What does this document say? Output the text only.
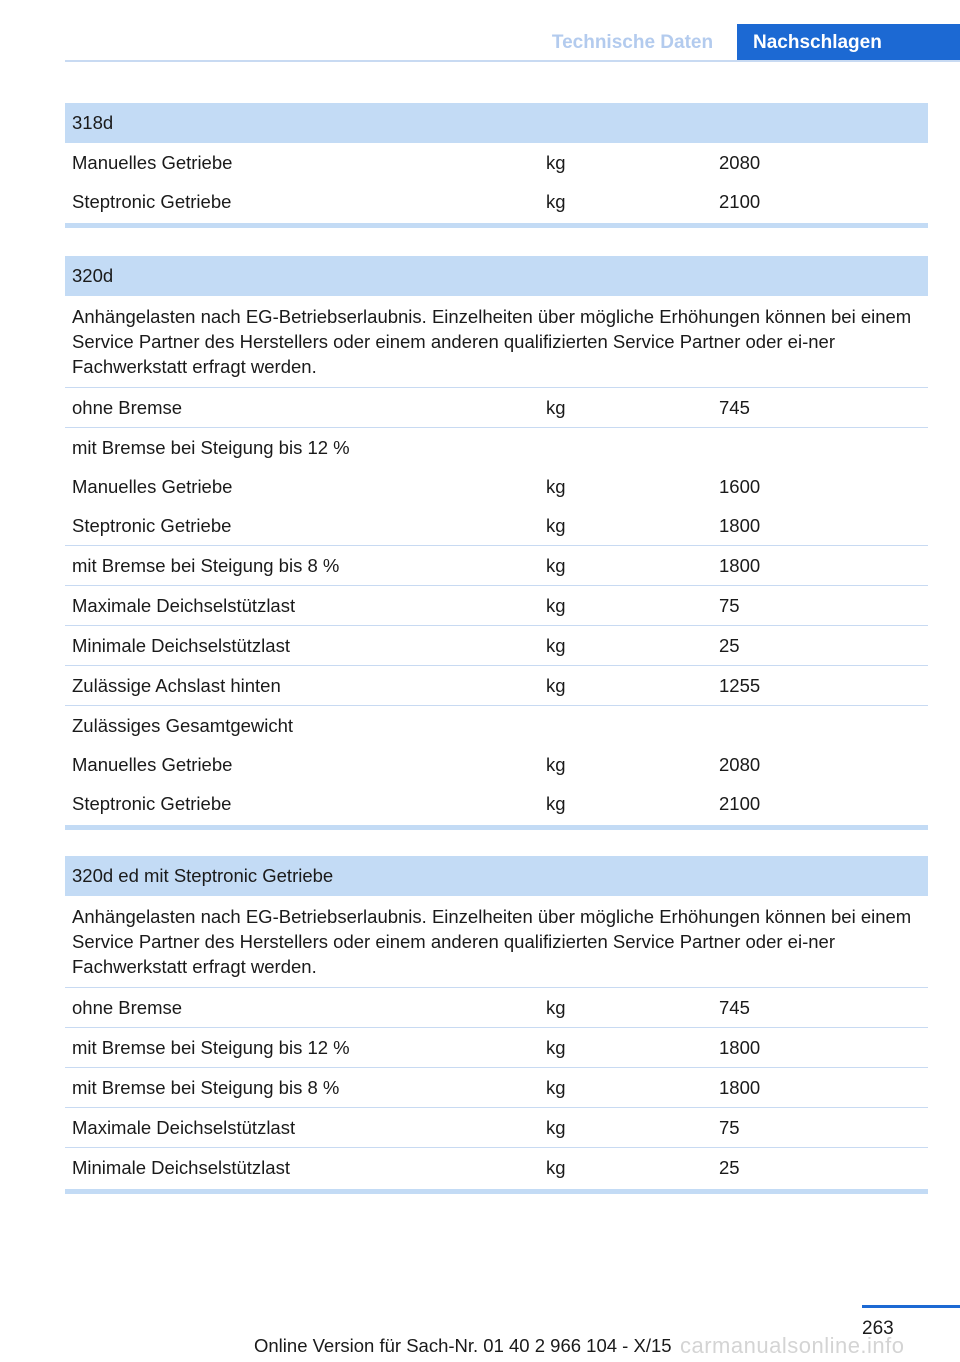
Technische Daten	Nachschlagen
318d
Manuelles Getriebe	kg	2080
Steptronic Getriebe	kg	2100
320d
Anhängelasten nach EG-Betriebserlaubnis. Einzelheiten über mögliche Erhöhungen können bei einem Service Partner des Herstellers oder einem anderen qualifizierten Service Partner oder ei-ner Fachwerkstatt erfragt werden.
ohne Bremse	kg	745
mit Bremse bei Steigung bis 12 %
Manuelles Getriebe	kg	1600
Steptronic Getriebe	kg	1800
mit Bremse bei Steigung bis 8 %	kg	1800
Maximale Deichselstützlast	kg	75
Minimale Deichselstützlast	kg	25
Zulässige Achslast hinten	kg	1255
Zulässiges Gesamtgewicht
Manuelles Getriebe	kg	2080
Steptronic Getriebe	kg	2100
320d ed mit Steptronic Getriebe
Anhängelasten nach EG-Betriebserlaubnis. Einzelheiten über mögliche Erhöhungen können bei einem Service Partner des Herstellers oder einem anderen qualifizierten Service Partner oder ei-ner Fachwerkstatt erfragt werden.
ohne Bremse	kg	745
mit Bremse bei Steigung bis 12 %	kg	1800
mit Bremse bei Steigung bis 8 %	kg	1800
Maximale Deichselstützlast	kg	75
Minimale Deichselstützlast	kg	25
263
Online Version für Sach-Nr. 01 40 2 966 104 - X/15 carmanualsonline.info
